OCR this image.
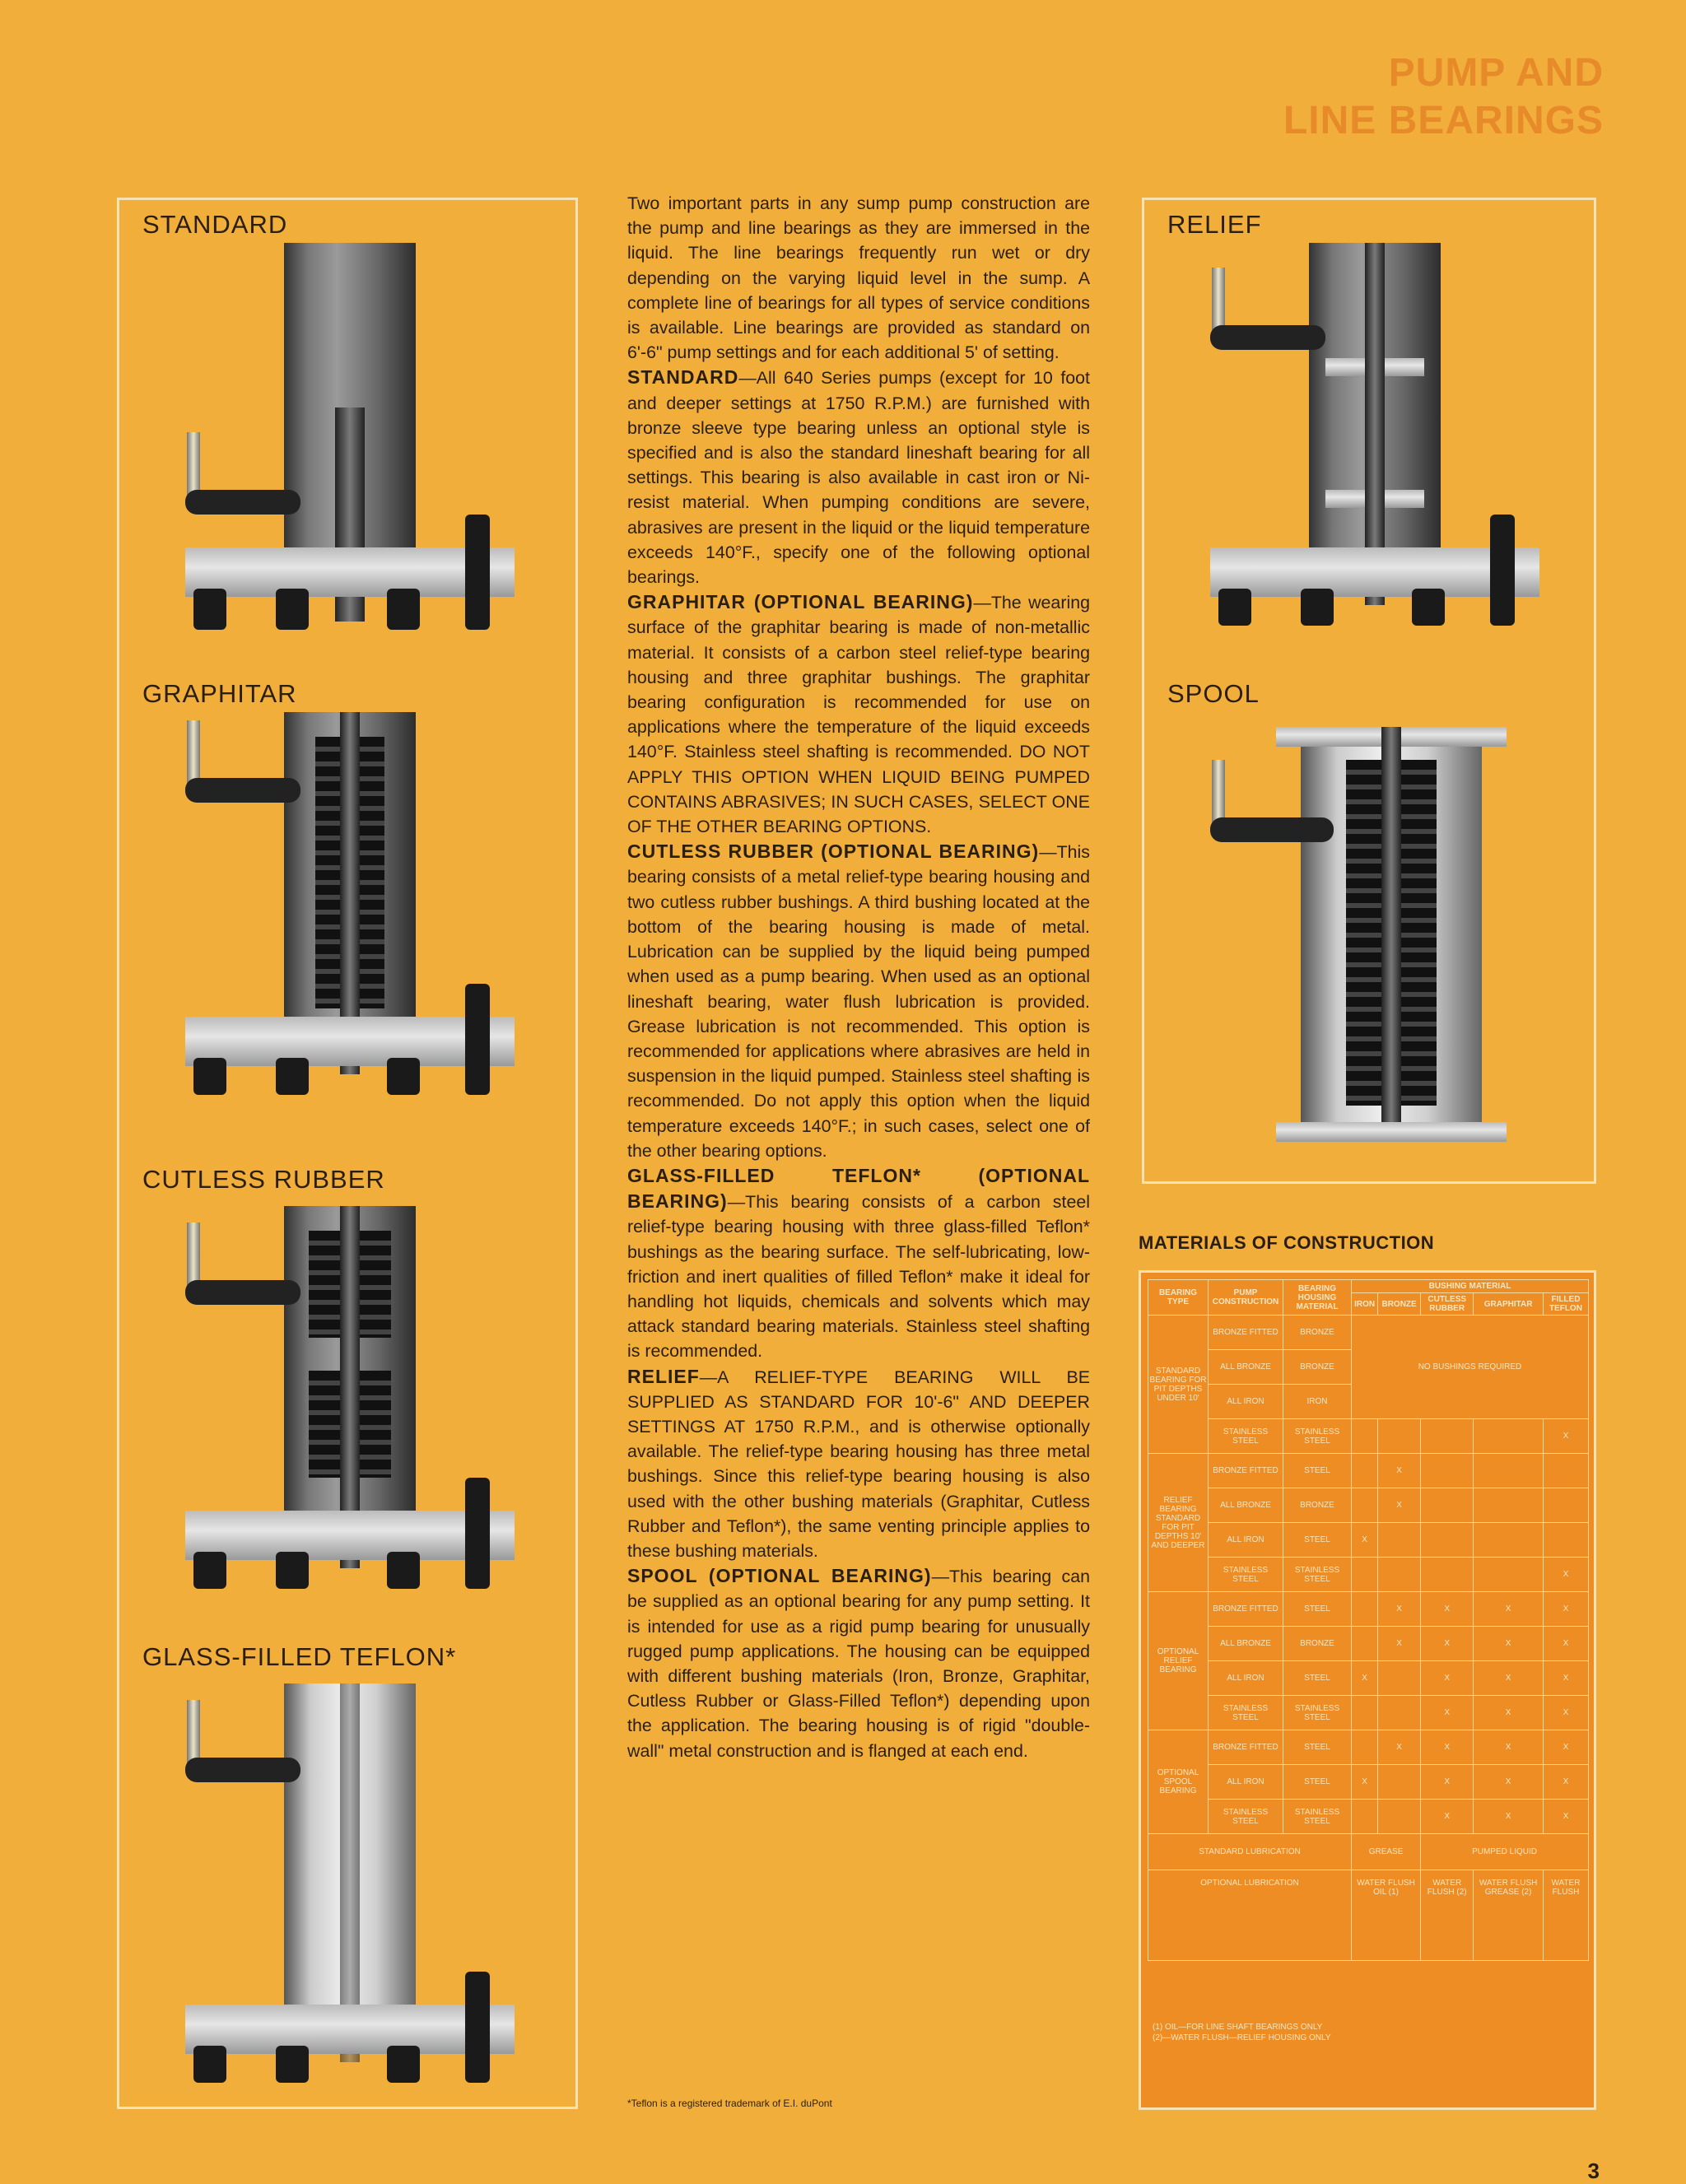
PUMP AND
LINE BEARINGS
STANDARD
GRAPHITAR
CUTLESS RUBBER
GLASS-FILLED TEFLON*

Two important parts in any sump pump construction are the pump and line bearings as they are immersed in the liquid. The line bearings frequently run wet or dry depending on the varying liquid level in the sump. A complete line of bearings for all types of service conditions is available. Line bearings are provided as standard on 6'-6" pump settings and for each additional 5' of setting.

STANDARD—All 640 Series pumps (except for 10 foot and deeper settings at 1750 R.P.M.) are furnished with bronze sleeve type bearing unless an optional style is specified and is also the standard lineshaft bearing for all settings. This bearing is also available in cast iron or Ni-resist material. When pumping conditions are severe, abrasives are present in the liquid or the liquid temperature exceeds 140°F., specify one of the following optional bearings.

GRAPHITAR (OPTIONAL BEARING)—The wearing surface of the graphitar bearing is made of non-metallic material. It consists of a carbon steel relief-type bearing housing and three graphitar bushings. The graphitar bearing configuration is recommended for use on applications where the temperature of the liquid exceeds 140°F. Stainless steel shafting is recommended. DO NOT APPLY THIS OPTION WHEN LIQUID BEING PUMPED CONTAINS ABRASIVES; IN SUCH CASES, SELECT ONE OF THE OTHER BEARING OPTIONS.

CUTLESS RUBBER (OPTIONAL BEARING)—This bearing consists of a metal relief-type bearing housing and two cutless rubber bushings. A third bushing located at the bottom of the bearing housing is made of metal. Lubrication can be supplied by the liquid being pumped when used as a pump bearing. When used as an optional lineshaft bearing, water flush lubrication is provided. Grease lubrication is not recommended. This option is recommended for applications where abrasives are held in suspension in the liquid pumped. Stainless steel shafting is recommended. Do not apply this option when the liquid temperature exceeds 140°F.; in such cases, select one of the other bearing options.

GLASS-FILLED TEFLON* (OPTIONAL BEARING)—This bearing consists of a carbon steel relief-type bearing housing with three glass-filled Teflon* bushings as the bearing surface. The self-lubricating, low-friction and inert qualities of filled Teflon* make it ideal for handling hot liquids, chemicals and solvents which may attack standard bearing materials. Stainless steel shafting is recommended.

RELIEF—A RELIEF-TYPE BEARING WILL BE SUPPLIED AS STANDARD FOR 10'-6" AND DEEPER SETTINGS AT 1750 R.P.M., and is otherwise optionally available. The relief-type bearing housing has three metal bushings. Since this relief-type bearing housing is also used with the other bushing materials (Graphitar, Cutless Rubber and Teflon*), the same venting principle applies to these bushing materials.

SPOOL (OPTIONAL BEARING)—This bearing can be supplied as an optional bearing for any pump setting. It is intended for use as a rigid pump bearing for unusually rugged pump applications. The housing can be equipped with different bushing materials (Iron, Bronze, Graphitar, Cutless Rubber or Glass-Filled Teflon*) depending upon the application. The bearing housing is of rigid "double-wall" metal construction and is flanged at each end.

*Teflon is a registered trademark of E.I. duPont
RELIEF
SPOOL
MATERIALS OF CONSTRUCTION
BEARING TYPE	PUMP CONSTRUCTION	BEARING HOUSING MATERIAL	BUSHING MATERIAL				
			IRON	BRONZE	CUTLESS RUBBER	GRAPHITAR	FILLED TEFLON
STANDARD BEARING FOR PIT DEPTHS UNDER 10'	BRONZE FITTED	BRONZE	NO BUSHINGS REQUIRED				
	ALL BRONZE	BRONZE					
	ALL IRON	IRON					
	STAINLESS STEEL	STAINLESS STEEL					X
RELIEF BEARING STANDARD FOR PIT DEPTHS 10' AND DEEPER	BRONZE FITTED	STEEL		X			
	ALL BRONZE	BRONZE		X			
	ALL IRON	STEEL	X				
	STAINLESS STEEL	STAINLESS STEEL					X
OPTIONAL RELIEF BEARING	BRONZE FITTED	STEEL		X	X	X	X
	ALL BRONZE	BRONZE		X	X	X	X
	ALL IRON	STEEL	X		X	X	X
	STAINLESS STEEL	STAINLESS STEEL			X	X	X
OPTIONAL SPOOL BEARING	BRONZE FITTED	STEEL		X	X	X	X
	ALL IRON	STEEL	X		X	X	X
	STAINLESS STEEL	STAINLESS STEEL			X	X	X
STANDARD LUBRICATION			GREASE		PUMPED LIQUID		
OPTIONAL LUBRICATION			WATER FLUSH OIL (1)		WATER FLUSH (2)	WATER FLUSH GREASE (2)	WATER FLUSH
(1) OIL—FOR LINE SHAFT BEARINGS ONLY
(2)—WATER FLUSH—RELIEF HOUSING ONLY
3
